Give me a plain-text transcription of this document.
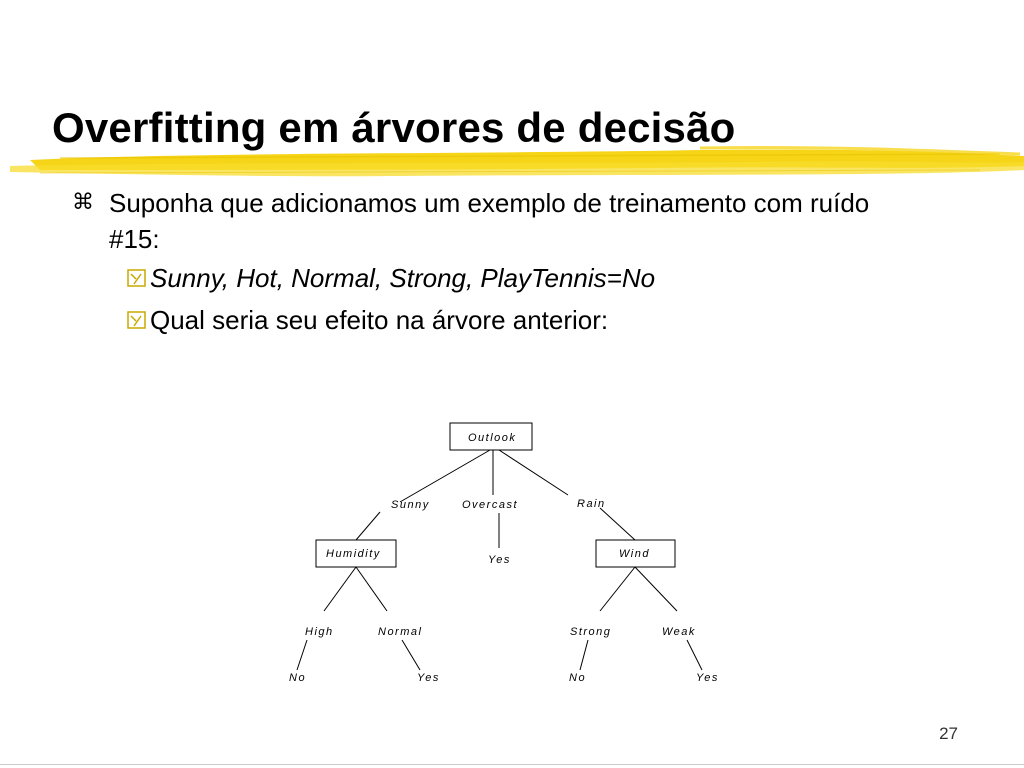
Overfitting em árvores de decisão
⌘ Suponha que adicionamos um exemplo de treinamento com ruído
#15:
Sunny, Hot, Normal, Strong, PlayTennis=No
Qual seria seu efeito na árvore anterior:
Outlook
Sunny	Overcast	Rain
Humidity	Wind
Yes
High	Normal	Strong	Weak
No	Yes	No	Yes
27
